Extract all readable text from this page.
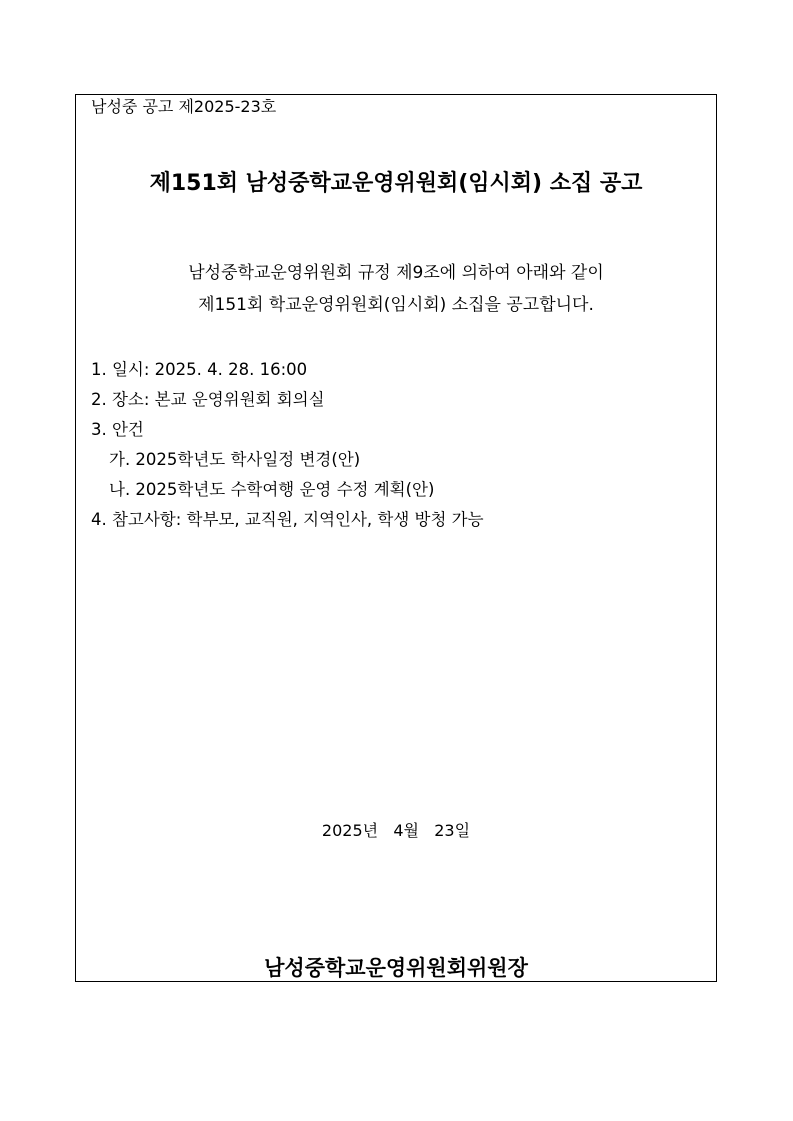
남성중 공고 제2025-23호
제151회 남성중학교운영위원회(임시회) 소집 공고
남성중학교운영위원회 규정 제9조에 의하여 아래와 같이
제151회 학교운영위원회(임시회) 소집을 공고합니다.
1. 일시: 2025. 4. 28. 16:00
2. 장소: 본교 운영위원회 회의실
3. 안건
가. 2025학년도 학사일정 변경(안)
나. 2025학년도 수학여행 운영 수정 계획(안)
4. 참고사항: 학부모, 교직원, 지역인사, 학생 방청 가능
2025년   4월   23일
남성중학교운영위원회위원장
